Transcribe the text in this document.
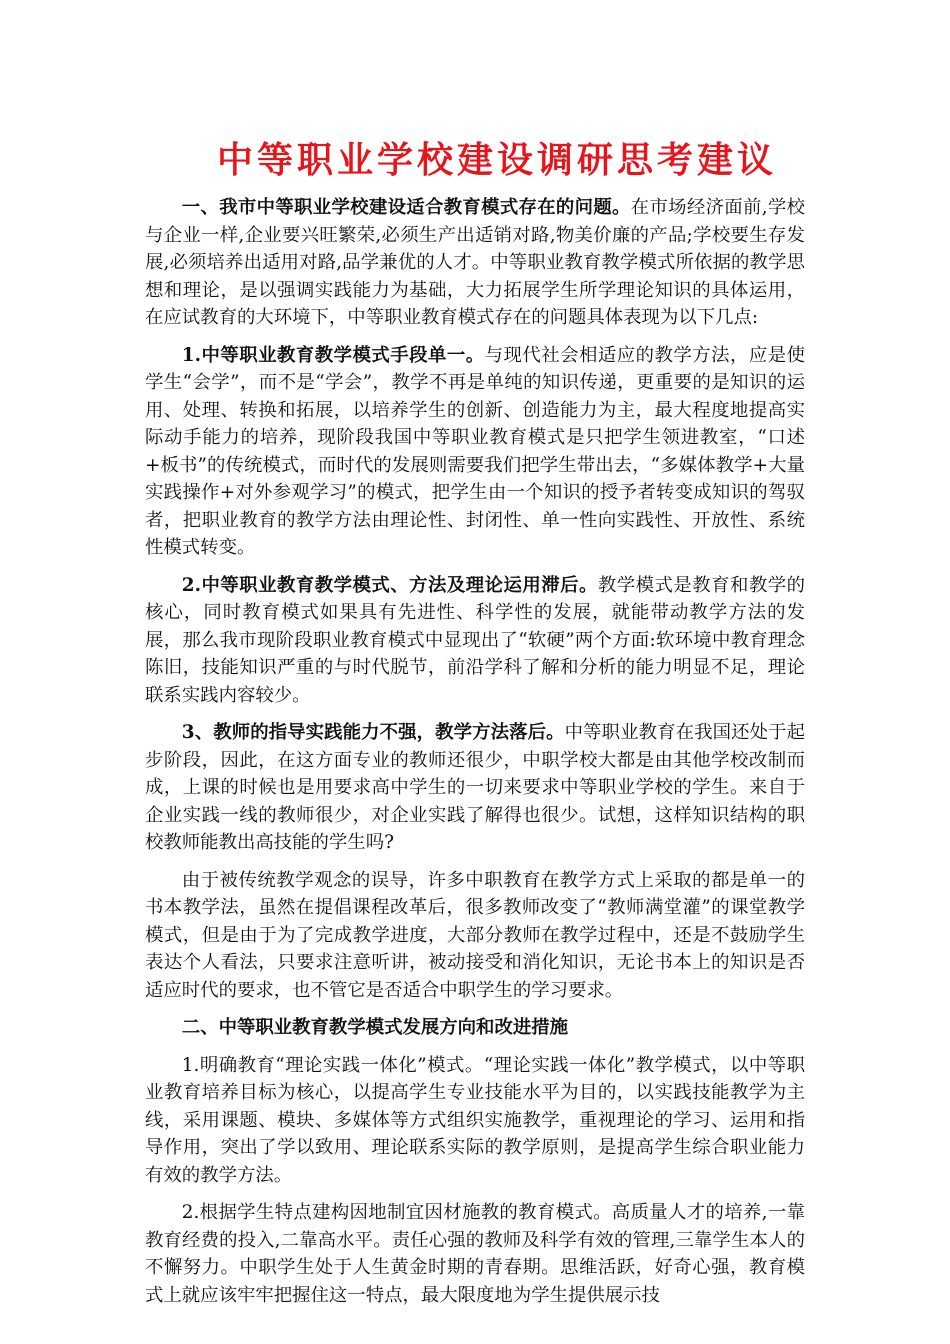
中等职业学校建设调研思考建议

一、我市中等职业学校建设适合教育模式存在的问题。在市场经济面前,学校与企业一样,企业要兴旺繁荣,必须生产出适销对路,物美价廉的产品;学校要生存发展,必须培养出适用对路,品学兼优的人才。中等职业教育教学模式所依据的教学思想和理论，是以强调实践能力为基础，大力拓展学生所学理论知识的具体运用，在应试教育的大环境下，中等职业教育模式存在的问题具体表现为以下几点:

1.中等职业教育教学模式手段单一。与现代社会相适应的教学方法，应是使学生“会学”，而不是“学会”，教学不再是单纯的知识传递，更重要的是知识的运用、处理、转换和拓展，以培养学生的创新、创造能力为主，最大程度地提高实际动手能力的培养，现阶段我国中等职业教育模式是只把学生领进教室，“口述+板书”的传统模式，而时代的发展则需要我们把学生带出去，“多媒体教学+大量实践操作+对外参观学习”的模式，把学生由一个知识的授予者转变成知识的驾驭者，把职业教育的教学方法由理论性、封闭性、单一性向实践性、开放性、系统性模式转变。

2.中等职业教育教学模式、方法及理论运用滞后。教学模式是教育和教学的核心，同时教育模式如果具有先进性、科学性的发展，就能带动教学方法的发展，那么我市现阶段职业教育模式中显现出了“软硬”两个方面:软环境中教育理念陈旧，技能知识严重的与时代脱节，前沿学科了解和分析的能力明显不足，理论联系实践内容较少。

3、教师的指导实践能力不强，教学方法落后。中等职业教育在我国还处于起步阶段，因此，在这方面专业的教师还很少，中职学校大都是由其他学校改制而成，上课的时候也是用要求高中学生的一切来要求中等职业学校的学生。来自于企业实践一线的教师很少，对企业实践了解得也很少。试想，这样知识结构的职校教师能教出高技能的学生吗?

由于被传统教学观念的误导，许多中职教育在教学方式上采取的都是单一的书本教学法，虽然在提倡课程改革后，很多教师改变了“教师满堂灌”的课堂教学模式，但是由于为了完成教学进度，大部分教师在教学过程中，还是不鼓励学生表达个人看法，只要求注意听讲，被动接受和消化知识，无论书本上的知识是否适应时代的要求，也不管它是否适合中职学生的学习要求。

二、中等职业教育教学模式发展方向和改进措施

1.明确教育“理论实践一体化”模式。“理论实践一体化”教学模式，以中等职业教育培养目标为核心，以提高学生专业技能水平为目的，以实践技能教学为主线，采用课题、模块、多媒体等方式组织实施教学，重视理论的学习、运用和指导作用，突出了学以致用、理论联系实际的教学原则，是提高学生综合职业能力有效的教学方法。

2.根据学生特点建构因地制宜因材施教的教育模式。高质量人才的培养,一靠教育经费的投入,二靠高水平。责任心强的教师及科学有效的管理,三靠学生本人的不懈努力。中职学生处于人生黄金时期的青春期。思维活跃，好奇心强，教育模式上就应该牢牢把握住这一特点，最大限度地为学生提供展示技
